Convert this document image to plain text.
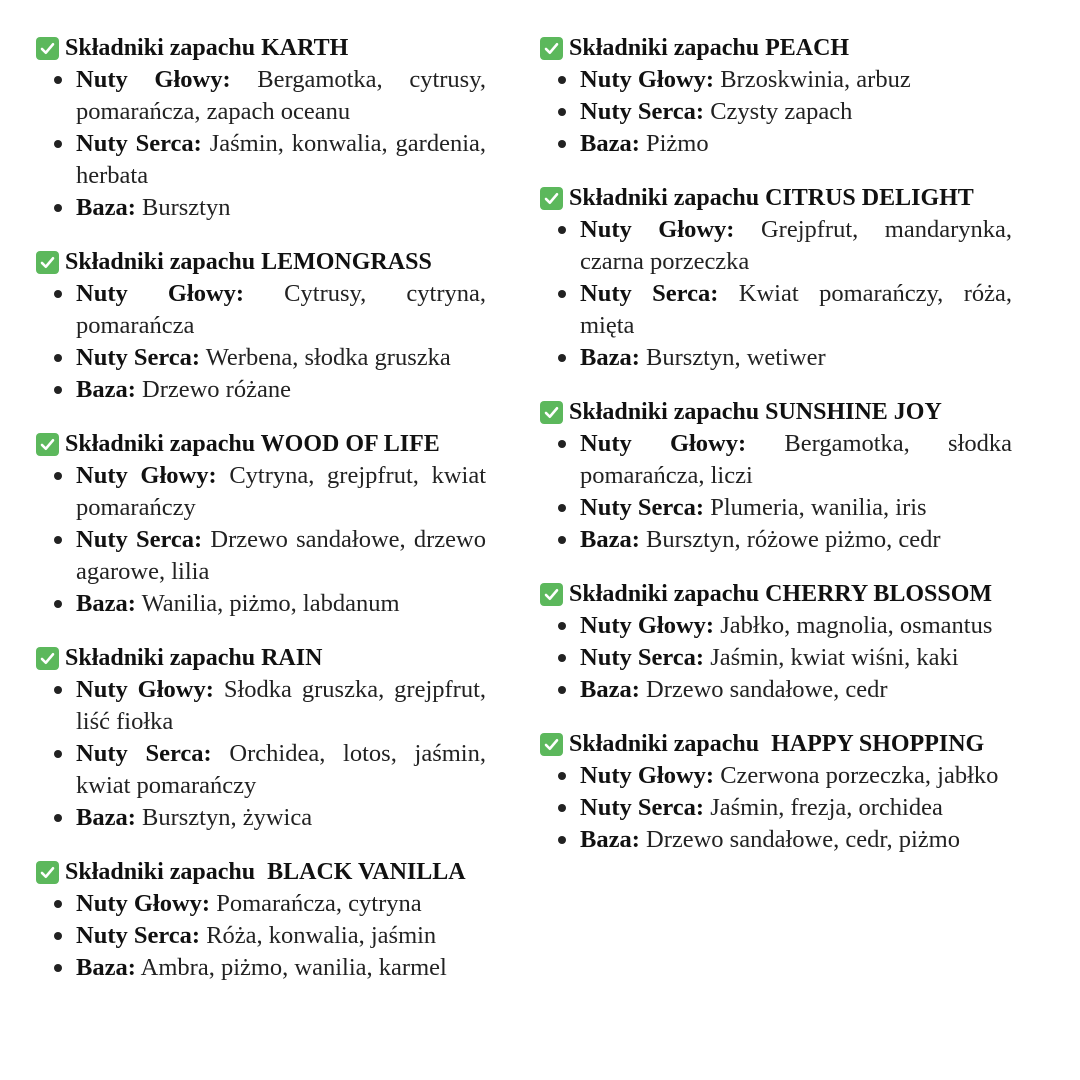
Składniki zapachu KARTH
Nuty Głowy: Bergamotka, cytrusy, pomarańcza, zapach oceanu
Nuty Serca: Jaśmin, konwalia, gardenia, herbata
Baza: Bursztyn
Składniki zapachu LEMONGRASS
Nuty Głowy: Cytrusy, cytryna, pomarańcza
Nuty Serca: Werbena, słodka gruszka
Baza: Drzewo różane
Składniki zapachu WOOD OF LIFE
Nuty Głowy: Cytryna, grejpfrut, kwiat pomarańczy
Nuty Serca: Drzewo sandałowe, drzewo agarowe, lilia
Baza: Wanilia, piżmo, labdanum
Składniki zapachu RAIN
Nuty Głowy: Słodka gruszka, grejpfrut, liść fiołka
Nuty Serca: Orchidea, lotos, jaśmin, kwiat pomarańczy
Baza: Bursztyn, żywica
Składniki zapachu  BLACK VANILLA
Nuty Głowy: Pomarańcza, cytryna
Nuty Serca: Róża, konwalia, jaśmin
Baza: Ambra, piżmo, wanilia, karmel
Składniki zapachu PEACH
Nuty Głowy: Brzoskwinia, arbuz
Nuty Serca: Czysty zapach
Baza: Piżmo
Składniki zapachu CITRUS DELIGHT
Nuty Głowy: Grejpfrut, mandarynka, czarna porzeczka
Nuty Serca: Kwiat pomarańczy, róża, mięta
Baza: Bursztyn, wetiwer
Składniki zapachu SUNSHINE JOY
Nuty Głowy: Bergamotka, słodka pomarańcza, liczi
Nuty Serca: Plumeria, wanilia, iris
Baza: Bursztyn, różowe piżmo, cedr
Składniki zapachu CHERRY BLOSSOM
Nuty Głowy: Jabłko, magnolia, osmantus
Nuty Serca: Jaśmin, kwiat wiśni, kaki
Baza: Drzewo sandałowe, cedr
Składniki zapachu  HAPPY SHOPPING
Nuty Głowy: Czerwona porzeczka, jabłko
Nuty Serca: Jaśmin, frezja, orchidea
Baza: Drzewo sandałowe, cedr, piżmo
